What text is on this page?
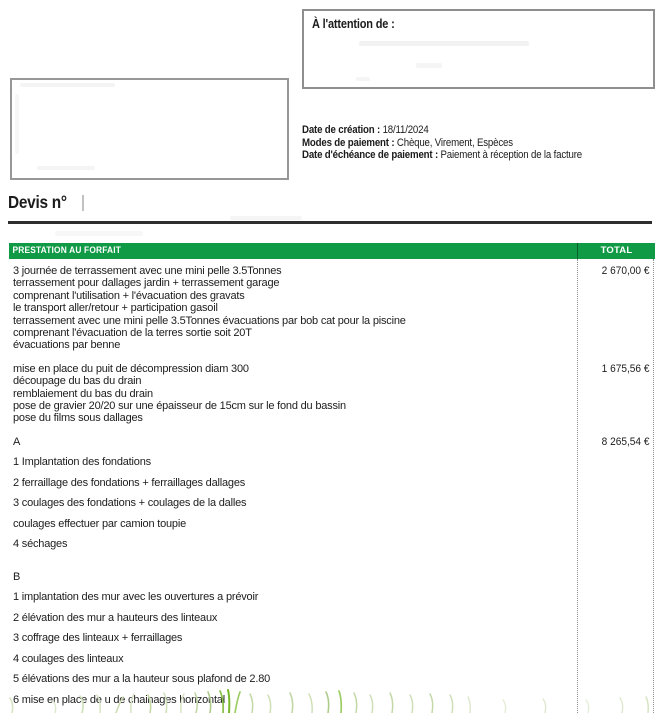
À l'attention de :
Date de création : 18/11/2024
Modes de paiement : Chèque, Virement, Espèces
Date d'échéance de paiement : Paiement à réception de la facture
Devis n°
PRESTATION AU FORFAIT	TOTAL
3 journée de terrassement avec une mini pelle 3.5Tonnes
terrassement pour dallages jardin + terrassement garage
comprenant l'utilisation + l'évacuation des gravats
le transport aller/retour + participation gasoil
terrassement avec une mini pelle 3.5Tonnes évacuations par bob cat pour la piscine
comprenant l'évacuation de la terres sortie soit 20T
évacuations par benne
2 670,00 €
mise en place du puit de décompression diam 300
découpage du bas du drain
remblaiement du bas du drain
pose de gravier 20/20 sur une épaisseur de 15cm sur le fond du bassin
pose du films sous dallages
1 675,56 €
A
1 Implantation des fondations
2 ferraillage des fondations + ferraillages dallages
3 coulages des fondations + coulages de la dalles
coulages effectuer par camion toupie
4 séchages
8 265,54 €
B
1 implantation des mur avec les ouvertures a prévoir
2 élévation des mur a hauteurs des linteaux
3 coffrage des linteaux + ferraillages
4 coulages des linteaux
5 élévations des mur a la hauteur sous plafond de 2.80
6 mise en place de u de chainages horizontal
